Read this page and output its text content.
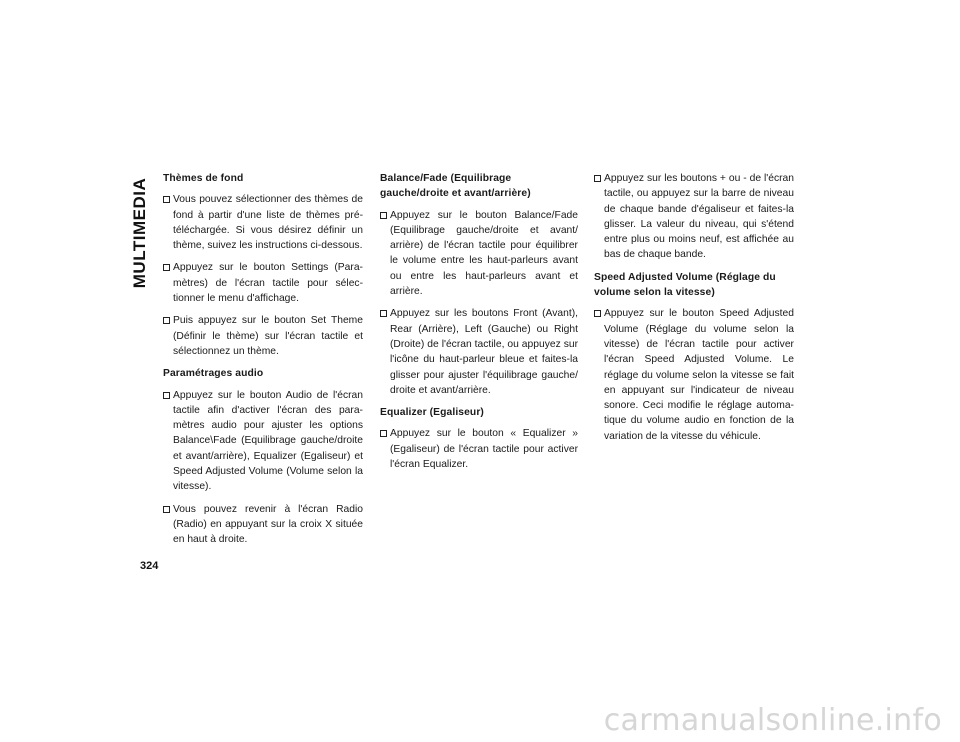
MULTIMEDIA Thèmes de fond
Vous pouvez sélectionner des thèmes de fond à partir d'une liste de thèmes pré-téléchargée. Si vous désirez définir un thème, suivez les instructions ci-dessous.
Appuyez sur le bouton Settings (Para-mètres) de l'écran tactile pour sélec-tionner le menu d'affichage.
Puis appuyez sur le bouton Set Theme (Définir le thème) sur l'écran tactile et sélectionnez un thème.
Paramétrages audio
Appuyez sur le bouton Audio de l'écran tactile afin d'activer l'écran des para-mètres audio pour ajuster les options Balance\Fade (Equilibrage gauche/droite et avant/arrière), Equalizer (Egaliseur) et Speed Adjusted Volume (Volume selon la vitesse).
Vous pouvez revenir à l'écran Radio (Radio) en appuyant sur la croix X située en haut à droite.
Balance/Fade (Equilibrage gauche/droite et avant/arrière)
Appuyez sur le bouton Balance/Fade (Equilibrage gauche/droite et avant/ arrière) de l'écran tactile pour équilibrer le volume entre les haut-parleurs avant ou entre les haut-parleurs avant et arrière.
Appuyez sur les boutons Front (Avant), Rear (Arrière), Left (Gauche) ou Right (Droite) de l'écran tactile, ou appuyez sur l'icône du haut-parleur bleue et faites-la glisser pour ajuster l'équilibrage gauche/ droite et avant/arrière.
Equalizer (Egaliseur)
Appuyez sur le bouton « Equalizer » (Egaliseur) de l'écran tactile pour activer l'écran Equalizer.
Appuyez sur les boutons + ou - de l'écran tactile, ou appuyez sur la barre de niveau de chaque bande d'égaliseur et faites-la glisser. La valeur du niveau, qui s'étend entre plus ou moins neuf, est affichée au bas de chaque bande.
Speed Adjusted Volume (Réglage du volume selon la vitesse)
Appuyez sur le bouton Speed Adjusted Volume (Réglage du volume selon la vitesse) de l'écran tactile pour activer l'écran Speed Adjusted Volume. Le réglage du volume selon la vitesse se fait en appuyant sur l'indicateur de niveau sonore. Ceci modifie le réglage automa-tique du volume audio en fonction de la variation de la vitesse du véhicule.
324
carmanualsonline.info
